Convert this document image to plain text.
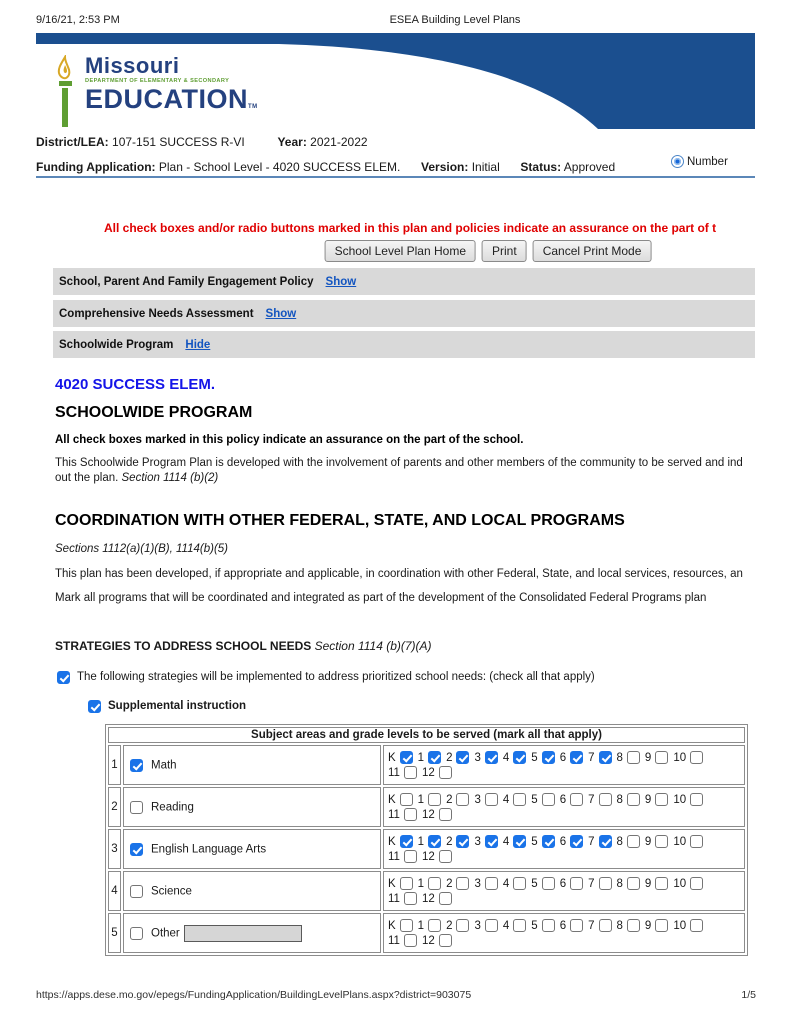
9/16/21, 2:53 PM	ESEA Building Level Plans
Missouri
DEPARTMENT OF ELEMENTARY & SECONDARY
EDUCATIONTM
District/LEA: 107-151 SUCCESS R-VI	Year: 2021-2022
Funding Application: Plan - School Level - 4020 SUCCESS ELEM. Version: Initial Status: Approved	Number
All check boxes and/or radio buttons marked in this plan and policies indicate an assurance on the part of t
School Level Plan Home	Print	Cancel Print Mode
School, Parent And Family Engagement Policy Show
Comprehensive Needs Assessment Show
Schoolwide Program Hide
4020 SUCCESS ELEM.
SCHOOLWIDE PROGRAM
All check boxes marked in this policy indicate an assurance on the part of the school.
This Schoolwide Program Plan is developed with the involvement of parents and other members of the community to be served and ind
out the plan. Section 1114 (b)(2)
COORDINATION WITH OTHER FEDERAL, STATE, AND LOCAL PROGRAMS
Sections 1112(a)(1)(B), 1114(b)(5)
This plan has been developed, if appropriate and applicable, in coordination with other Federal, State, and local services, resources, an
Mark all programs that will be coordinated and integrated as part of the development of the Consolidated Federal Programs plan
STRATEGIES TO ADDRESS SCHOOL NEEDS Section 1114 (b)(7)(A)
The following strategies will be implemented to address prioritized school needs: (check all that apply)
Supplemental instruction
Subject areas and grade levels to be served (mark all that apply)		
1	Math	
K 1 2 3 4 5 6 7 8 9 10
11 12

2	Reading	
K 1 2 3 4 5 6 7 8 9 10
11 12

3	English Language Arts	
K 1 2 3 4 5 6 7 8 9 10
11 12

4	Science	
K 1 2 3 4 5 6 7 8 9 10
11 12

5	Other	
K 1 2 3 4 5 6 7 8 9 10
11 12
https://apps.dese.mo.gov/epegs/FundingApplication/BuildingLevelPlans.aspx?district=903075	1/5
